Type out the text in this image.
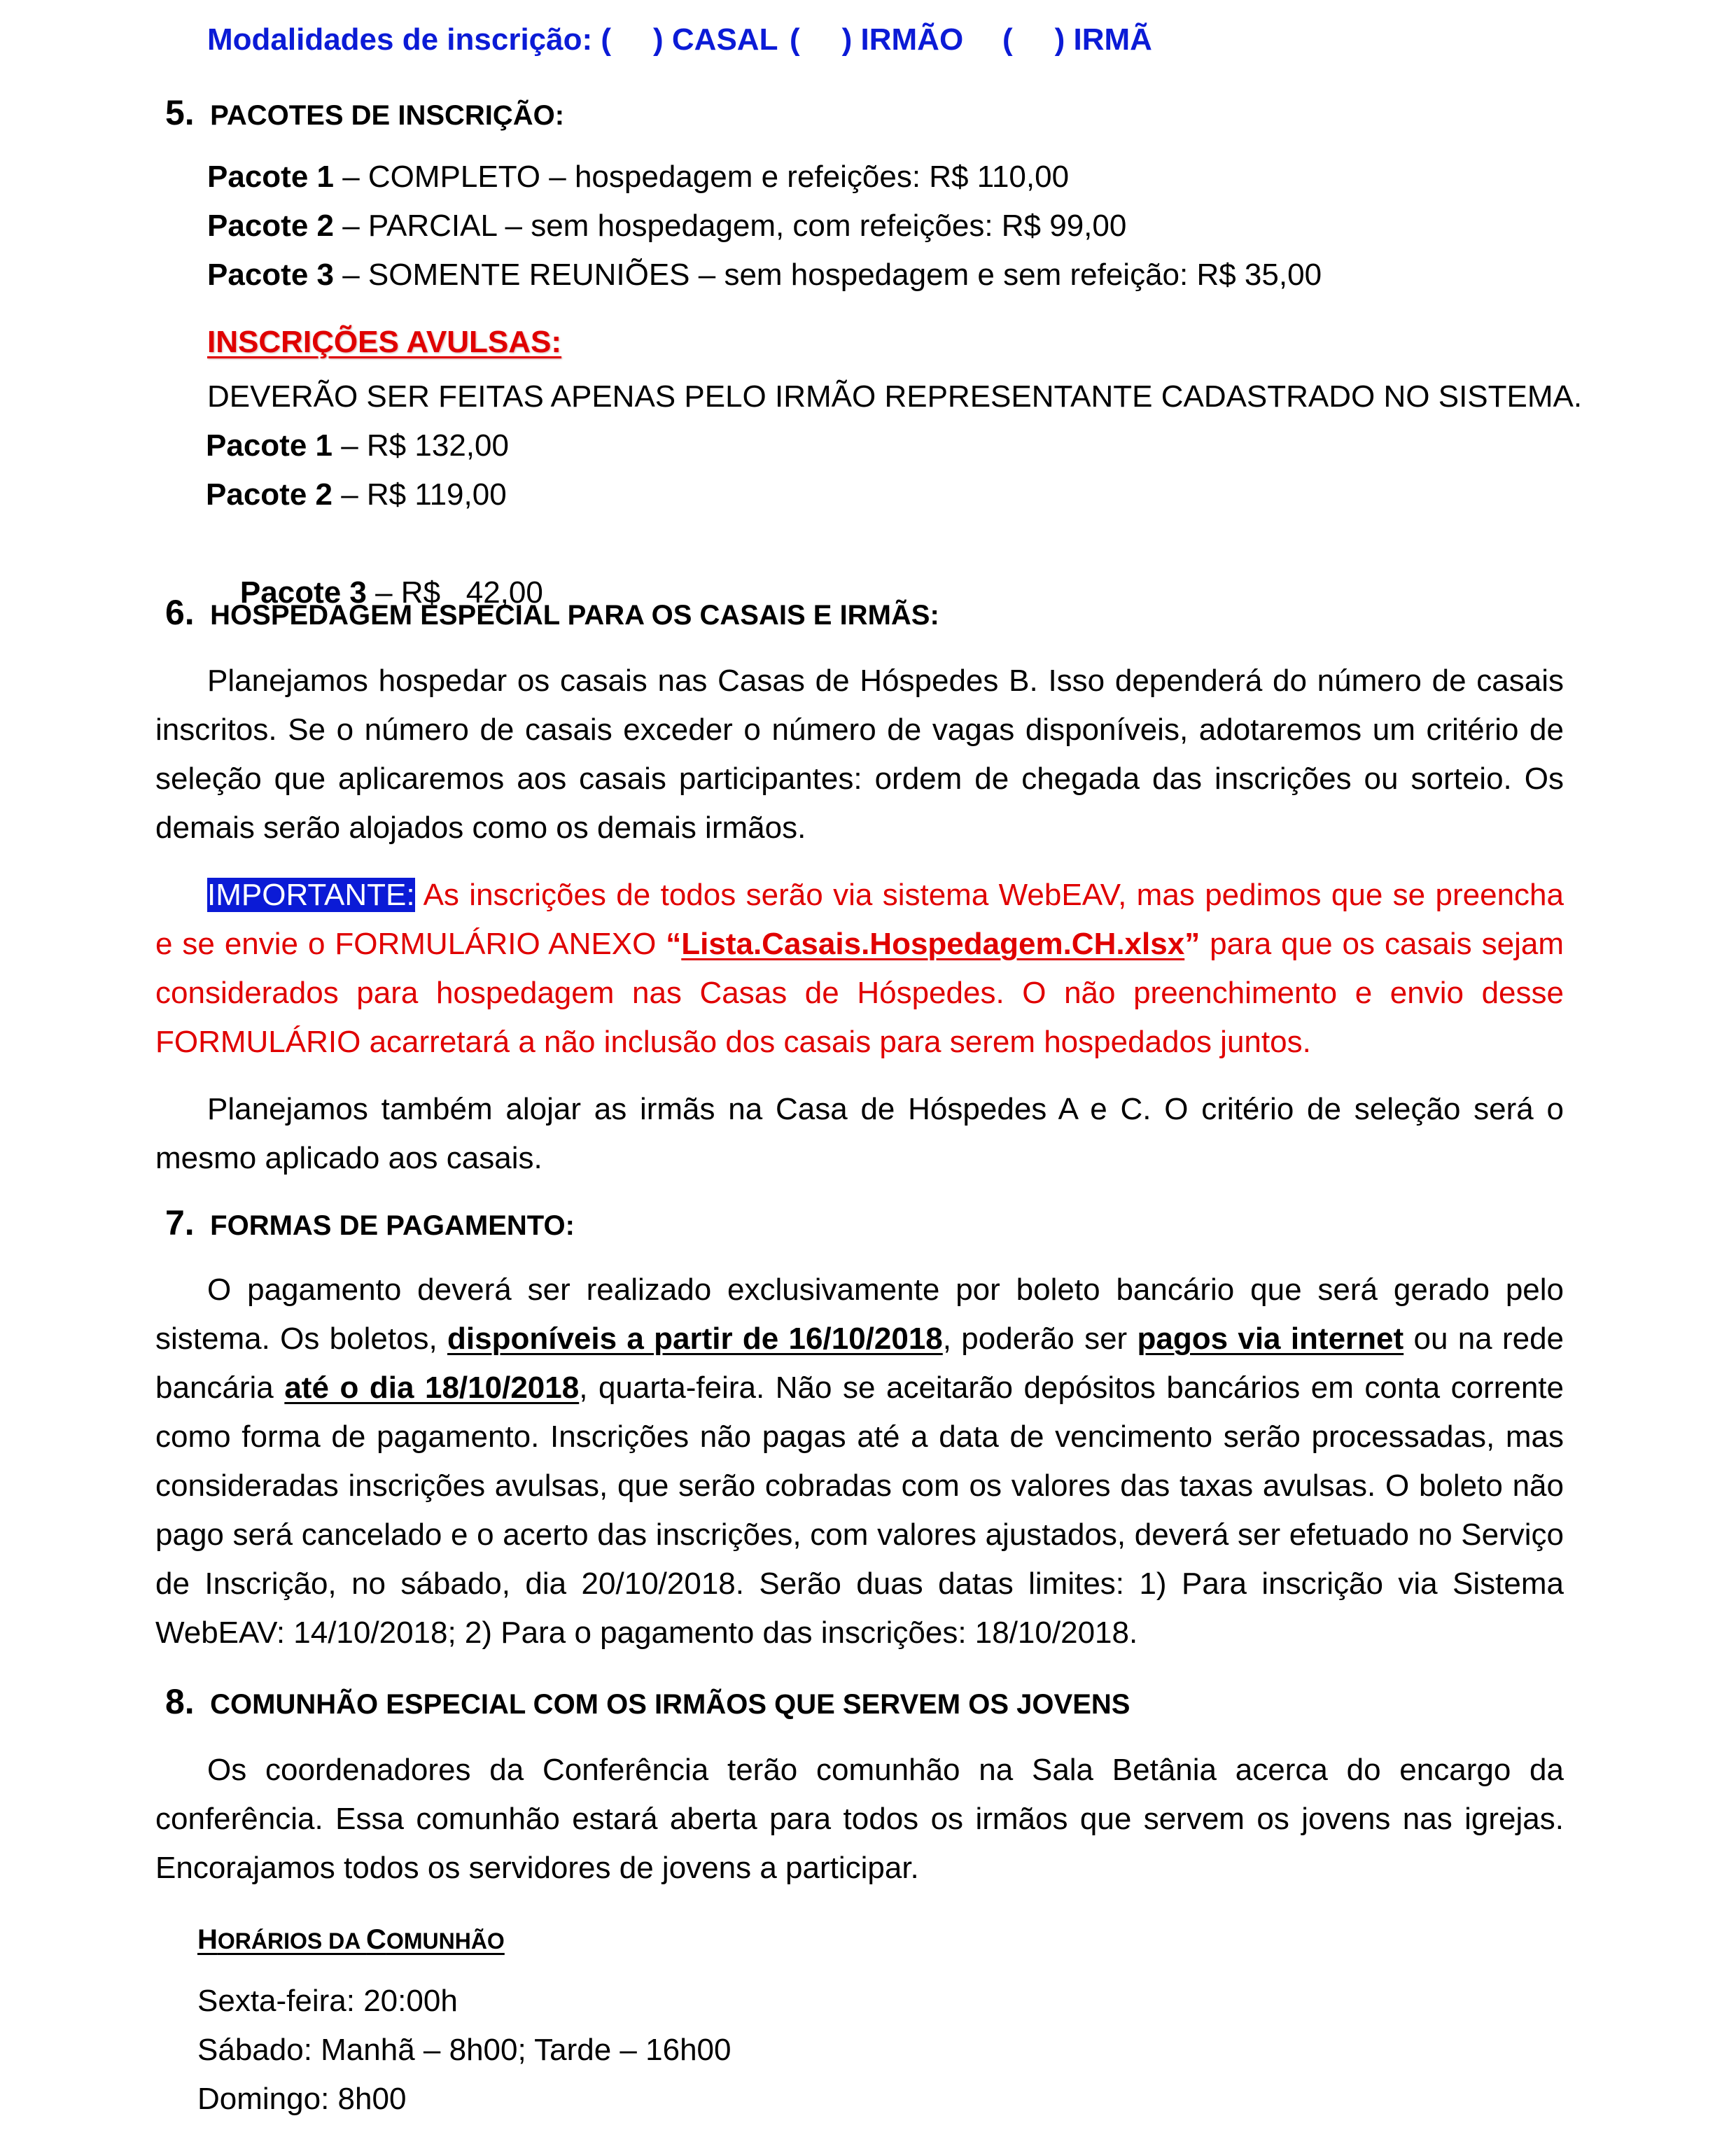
Modalidades de inscrição: ( ) CASAL ( ) IRMÃO ( ) IRMÃ
5. PACOTES DE INSCRIÇÃO:
Pacote 1 – COMPLETO – hospedagem e refeições: R$ 110,00
Pacote 2 – PARCIAL – sem hospedagem, com refeições: R$ 99,00
Pacote 3 – SOMENTE REUNIÕES – sem hospedagem e sem refeição: R$ 35,00
INSCRIÇÕES AVULSAS:
DEVERÃO SER FEITAS APENAS PELO IRMÃO REPRESENTANTE CADASTRADO NO SISTEMA.
Pacote 1 – R$ 132,00
Pacote 2 – R$ 119,00

Pacote 3 – R$   42,00

6. HOSPEDAGEM ESPECIAL PARA OS CASAIS E IRMÃS:
Planejamos hospedar os casais nas Casas de Hóspedes B. Isso dependerá do número de casais inscritos. Se o número de casais exceder o número de vagas disponíveis, adotaremos um critério de seleção que aplicaremos aos casais participantes: ordem de chegada das inscrições ou sorteio. Os demais serão alojados como os demais irmãos.
IMPORTANTE: As inscrições de todos serão via sistema WebEAV, mas pedimos que se preencha e se envie o FORMULÁRIO ANEXO “Lista.Casais.Hospedagem.CH.xlsx” para que os casais sejam considerados para hospedagem nas Casas de Hóspedes. O não preenchimento e envio desse FORMULÁRIO acarretará a não inclusão dos casais para serem hospedados juntos.
Planejamos também alojar as irmãs na Casa de Hóspedes A e C. O critério de seleção será o mesmo aplicado aos casais.
7. FORMAS DE PAGAMENTO:
O pagamento deverá ser realizado exclusivamente por boleto bancário que será gerado pelo sistema. Os boletos, disponíveis a partir de 16/10/2018, poderão ser pagos via internet ou na rede bancária até o dia 18/10/2018, quarta-feira. Não se aceitarão depósitos bancários em conta corrente como forma de pagamento. Inscrições não pagas até a data de vencimento serão processadas, mas consideradas inscrições avulsas, que serão cobradas com os valores das taxas avulsas. O boleto não pago será cancelado e o acerto das inscrições, com valores ajustados, deverá ser efetuado no Serviço de Inscrição, no sábado, dia 20/10/2018. Serão duas datas limites: 1) Para inscrição via Sistema WebEAV: 14/10/2018; 2) Para o pagamento das inscrições: 18/10/2018.
8. COMUNHÃO ESPECIAL COM OS IRMÃOS QUE SERVEM OS JOVENS
Os coordenadores da Conferência terão comunhão na Sala Betânia acerca do encargo da conferência. Essa comunhão estará aberta para todos os irmãos que servem os jovens nas igrejas. Encorajamos todos os servidores de jovens a participar.
HORÁRIOS DA COMUNHÃO
Sexta-feira: 20:00h
Sábado: Manhã – 8h00; Tarde – 16h00
Domingo: 8h00
